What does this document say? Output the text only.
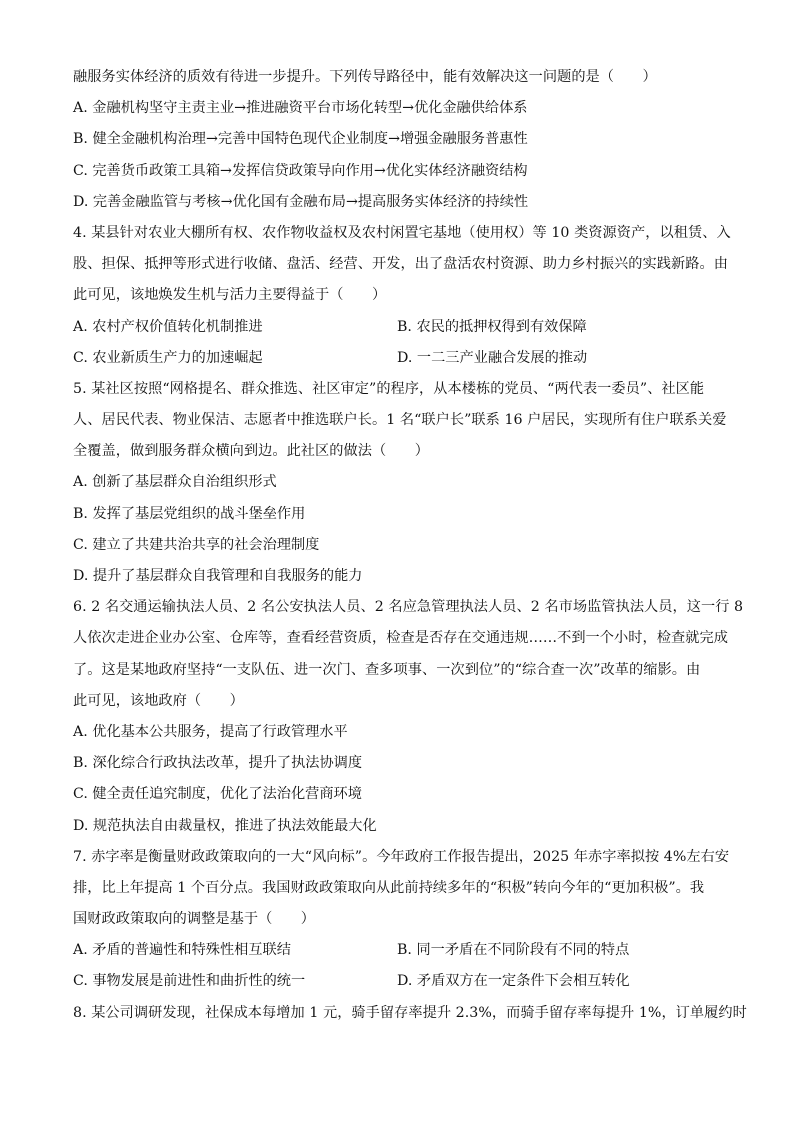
融服务实体经济的质效有待进一步提升。下列传导路径中，能有效解决这一问题的是（　　）
A. 金融机构坚守主责主业→推进融资平台市场化转型→优化金融供给体系
B. 健全金融机构治理→完善中国特色现代企业制度→增强金融服务普惠性
C. 完善货币政策工具箱→发挥信贷政策导向作用→优化实体经济融资结构
D. 完善金融监管与考核→优化国有金融布局→提高服务实体经济的持续性
4. 某县针对农业大棚所有权、农作物收益权及农村闲置宅基地（使用权）等 10 类资源资产，以租赁、入
股、担保、抵押等形式进行收储、盘活、经营、开发，出了盘活农村资源、助力乡村振兴的实践新路。由
此可见，该地焕发生机与活力主要得益于（　　）
A. 农村产权价值转化机制推进	B. 农民的抵押权得到有效保障
C. 农业新质生产力的加速崛起	D. 一二三产业融合发展的推动
5. 某社区按照“网格提名、群众推选、社区审定”的程序，从本楼栋的党员、“两代表一委员”、社区能
人、居民代表、物业保洁、志愿者中推选联户长。1 名“联户长”联系 16 户居民，实现所有住户联系关爱
全覆盖，做到服务群众横向到边。此社区的做法（　　）
A. 创新了基层群众自治组织形式
B. 发挥了基层党组织的战斗堡垒作用
C. 建立了共建共治共享的社会治理制度
D. 提升了基层群众自我管理和自我服务的能力
6. 2 名交通运输执法人员、2 名公安执法人员、2 名应急管理执法人员、2 名市场监管执法人员，这一行 8
人依次走进企业办公室、仓库等，查看经营资质，检查是否存在交通违规……不到一个小时，检查就完成
了。这是某地政府坚持“一支队伍、进一次门、查多项事、一次到位”的“综合查一次”改革的缩影。由
此可见，该地政府（　　）
A. 优化基本公共服务，提高了行政管理水平
B. 深化综合行政执法改革，提升了执法协调度
C. 健全责任追究制度，优化了法治化营商环境
D. 规范执法自由裁量权，推进了执法效能最大化
7. 赤字率是衡量财政政策取向的一大“风向标”。今年政府工作报告提出，2025 年赤字率拟按 4%左右安
排，比上年提高 1 个百分点。我国财政政策取向从此前持续多年的“积极”转向今年的“更加积极”。我
国财政政策取向的调整是基于（　　）
A. 矛盾的普遍性和特殊性相互联结	B. 同一矛盾在不同阶段有不同的特点
C. 事物发展是前进性和曲折性的统一	D. 矛盾双方在一定条件下会相互转化
8. 某公司调研发现，社保成本每增加 1 元，骑手留存率提升 2.3%，而骑手留存率每提升 1%，订单履约时
